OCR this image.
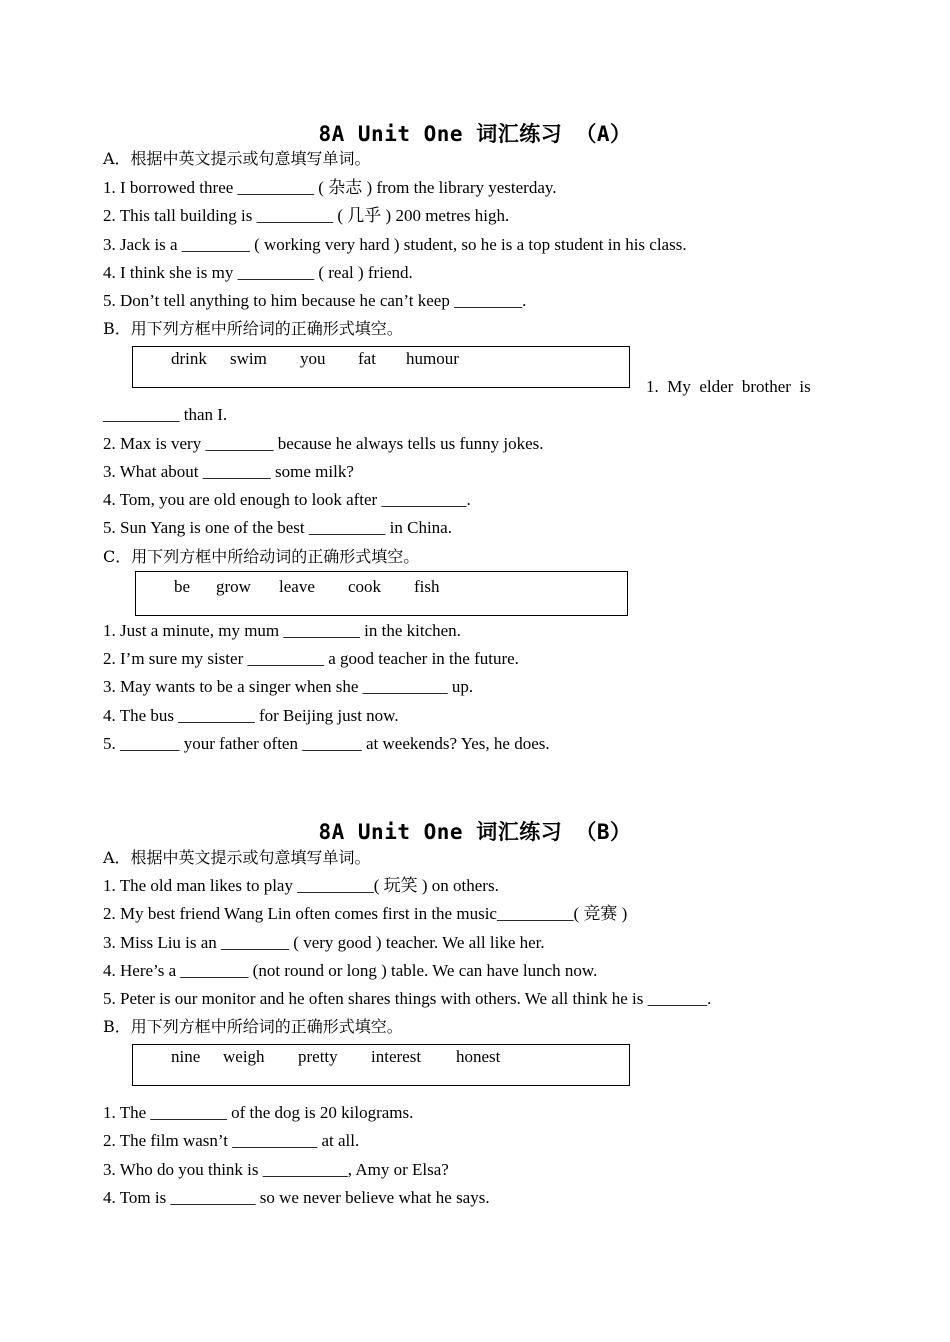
8A Unit One 词汇练习 （A）
A．根据中英文提示或句意填写单词。
1. I borrowed three _________ ( 杂志 ) from the library yesterday.
2. This tall building is _________ ( 几乎 ) 200 metres high.
3. Jack is a ________ ( working very hard ) student, so he is a top student in his class.
4. I think she is my _________ ( real ) friend.
5. Don’t tell anything to him because he can’t keep ________.
B．用下列方框中所给词的正确形式填空。
drink swim you fat humour
1.  My  elder  brother  is
_________ than I.
2. Max is very ________ because he always tells us funny jokes.
3. What about ________ some milk?
4. Tom, you are old enough to look after __________.
5. Sun Yang is one of the best _________ in China.
C．用下列方框中所给动词的正确形式填空。
be grow leave cook fish
1. Just a minute, my mum _________ in the kitchen.
2. I’m sure my sister _________ a good teacher in the future.
3. May wants to be a singer when she __________ up.
4. The bus _________ for Beijing just now.
5. _______ your father often _______ at weekends? Yes, he does.
8A Unit One 词汇练习 （B）
A．根据中英文提示或句意填写单词。
1. The old man likes to play _________( 玩笑 ) on others.
2. My best friend Wang Lin often comes first in the music_________( 竞赛 )
3. Miss Liu is an ________ ( very good ) teacher. We all like her.
4. Here’s a ________ (not round or long ) table. We can have lunch now.
5. Peter is our monitor and he often shares things with others. We all think he is _______.
B．用下列方框中所给词的正确形式填空。
nine weigh pretty interest honest
1. The _________ of the dog is 20 kilograms.
2. The film wasn’t __________ at all.
3. Who do you think is __________, Amy or Elsa?
4. Tom is __________ so we never believe what he says.
